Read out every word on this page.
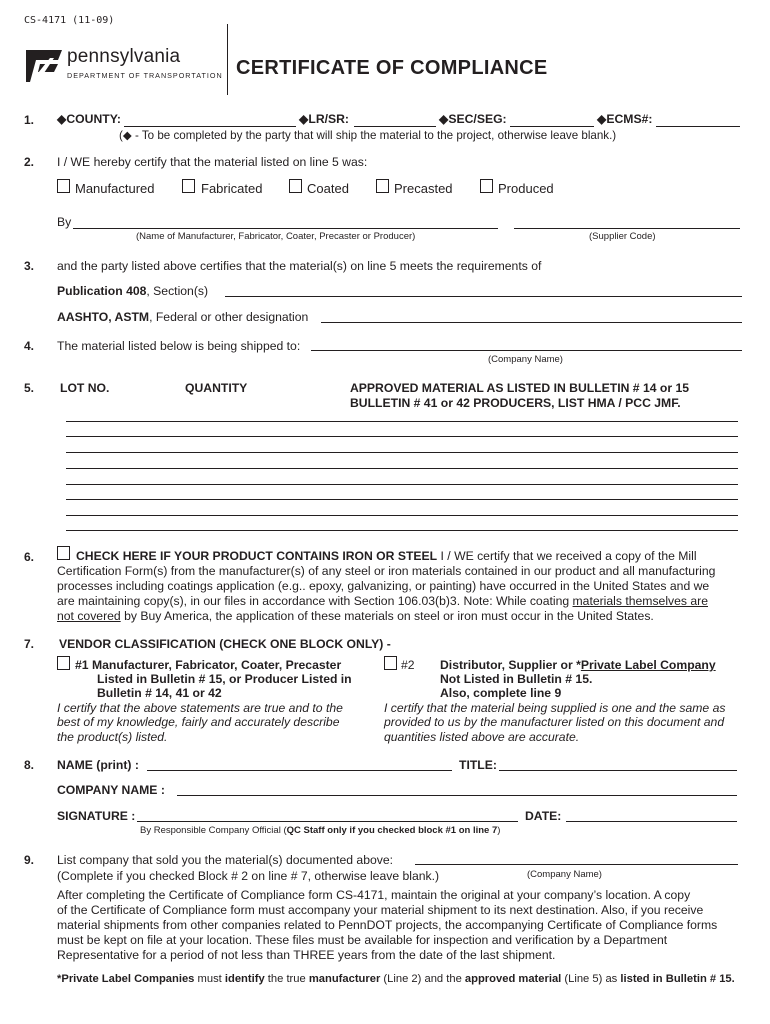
CS-4171 (11-09)
pennsylvania
DEPARTMENT OF TRANSPORTATION CERTIFICATE OF COMPLIANCE
1. ◆COUNTY:	◆LR/SR:	◆SEC/SEG:	◆ECMS#:
(◆ - To be completed by the party that will ship the material to the project, otherwise leave blank.)
2. I / WE hereby certify that the material listed on line 5 was:
Manufactured	Fabricated	Coated	Precasted	Produced
By
(Name of Manufacturer, Fabricator, Coater, Precaster or Producer)	(Supplier Code)
3. and the party listed above certifies that the material(s) on line 5 meets the requirements of
Publication 408, Section(s)
AASHTO, ASTM, Federal or other designation
4. The material listed below is being shipped to:
(Company Name)
5. LOT NO.	QUANTITY	APPROVED MATERIAL AS LISTED IN BULLETIN # 14 or 15
BULLETIN # 41 or 42 PRODUCERS, LIST HMA / PCC JMF.
6.	CHECK HERE IF YOUR PRODUCT CONTAINS IRON OR STEEL I / WE certify that we received a copy of the Mill
Certification Form(s) from the manufacturer(s) of any steel or iron materials contained in our product and all manufacturing
processes including coatings application (e.g.. epoxy, galvanizing, or painting) have occurred in the United States and we
are maintaining copy(s), in our files in accordance with Section 106.03(b)3. Note: While coating materials themselves are
not covered by Buy America, the application of these materials on steel or iron must occur in the United States.
7. VENDOR CLASSIFICATION (CHECK ONE BLOCK ONLY) -
#1 Manufacturer, Fabricator, Coater, Precaster
Listed in Bulletin # 15, or Producer Listed in
Bulletin # 14, 41 or 42
I certify that the above statements are true and to the
best of my knowledge, fairly and accurately describe
the product(s) listed.
#2 Distributor, Supplier or *Private Label Company
Not Listed in Bulletin # 15.
Also, complete line 9
I certify that the material being supplied is one and the same as
provided to us by the manufacturer listed on this document and
quantities listed above are accurate.
8. NAME (print) :	TITLE:
COMPANY NAME :
SIGNATURE :	DATE:
By Responsible Company Official (QC Staff only if you checked block #1 on line 7)
9. List company that sold you the material(s) documented above:
(Complete if you checked Block # 2 on line # 7, otherwise leave blank.)	(Company Name)
After completing the Certificate of Compliance form CS-4171, maintain the original at your company’s location. A copy
of the Certificate of Compliance form must accompany your material shipment to its next destination. Also, if you receive
material shipments from other companies related to PennDOT projects, the accompanying Certificate of Compliance forms
must be kept on file at your location. These files must be available for inspection and verification by a Department
Representative for a period of not less than THREE years from the date of the last shipment.
*Private Label Companies must identify the true manufacturer (Line 2) and the approved material (Line 5) as listed in Bulletin # 15.
